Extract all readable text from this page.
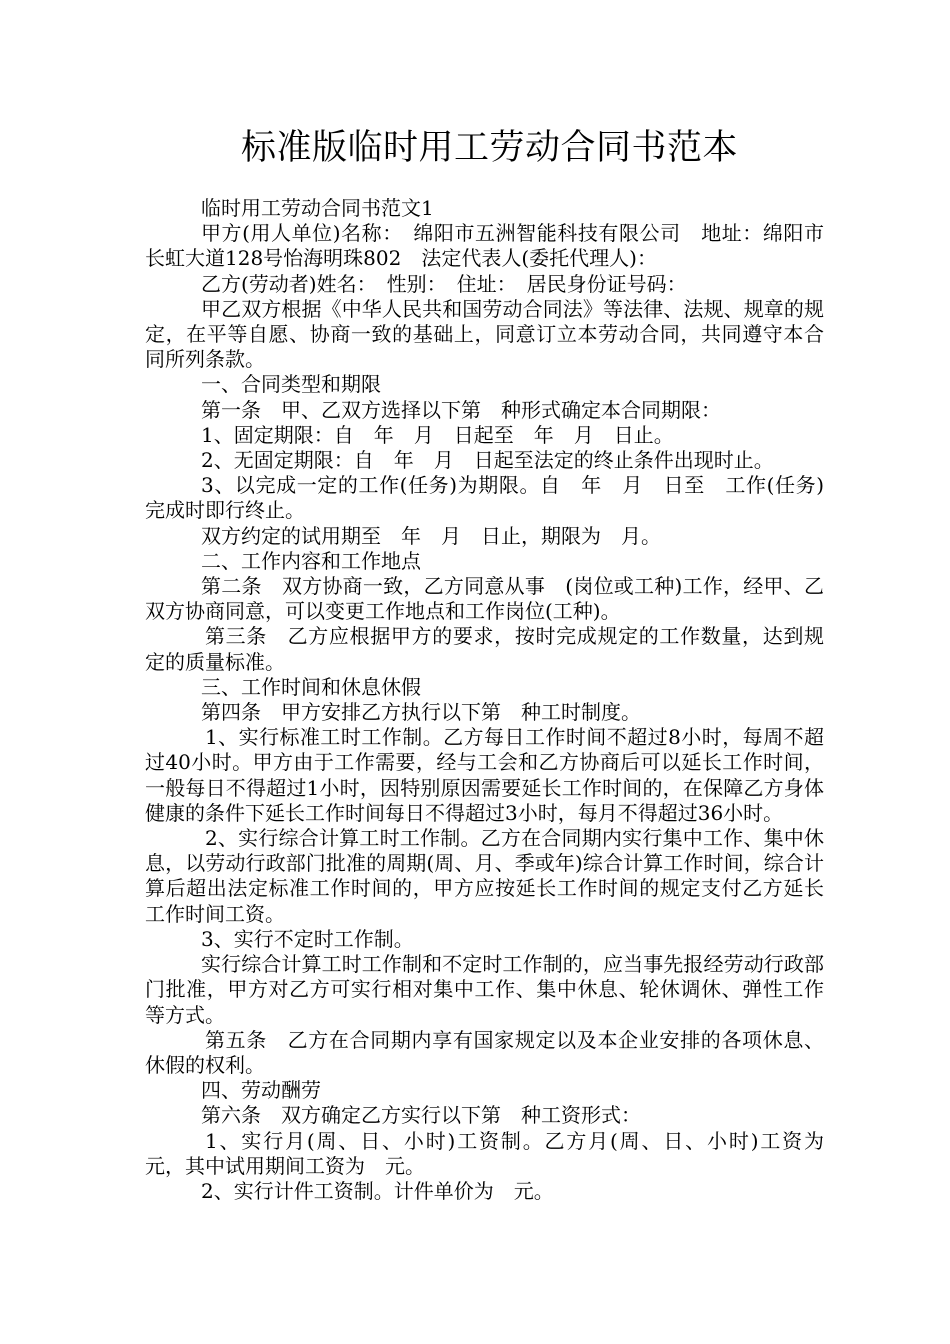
标准版临时用工劳动合同书范本

临时用工劳动合同书范文1

甲方(用人单位)名称：　绵阳市五洲智能科技有限公司　地址：绵阳市长虹大道128号怡海明珠802　法定代表人(委托代理人)：

乙方(劳动者)姓名：　性别：　住址：　居民身份证号码：

甲乙双方根据《中华人民共和国劳动合同法》等法律、法规、规章的规定，在平等自愿、协商一致的基础上，同意订立本劳动合同，共同遵守本合同所列条款。

一、合同类型和期限

第一条　甲、乙双方选择以下第　种形式确定本合同期限：

1、固定期限：自　年　月　日起至　年　月　日止。

2、无固定期限：自　年　月　日起至法定的终止条件出现时止。

3、以完成一定的工作(任务)为期限。自　年　月　日至　工作(任务)完成时即行终止。

双方约定的试用期至　年　月　日止，期限为　月。

二、工作内容和工作地点

第二条　双方协商一致，乙方同意从事　(岗位或工种)工作，经甲、乙双方协商同意，可以变更工作地点和工作岗位(工种)。

第三条　乙方应根据甲方的要求，按时完成规定的工作数量，达到规定的质量标准。

三、工作时间和休息休假

第四条　甲方安排乙方执行以下第　种工时制度。

1、实行标准工时工作制。乙方每日工作时间不超过8小时，每周不超过40小时。甲方由于工作需要，经与工会和乙方协商后可以延长工作时间，一般每日不得超过1小时，因特别原因需要延长工作时间的，在保障乙方身体健康的条件下延长工作时间每日不得超过3小时，每月不得超过36小时。

2、实行综合计算工时工作制。乙方在合同期内实行集中工作、集中休息，以劳动行政部门批准的周期(周、月、季或年)综合计算工作时间，综合计算后超出法定标准工作时间的，甲方应按延长工作时间的规定支付乙方延长工作时间工资。

3、实行不定时工作制。

实行综合计算工时工作制和不定时工作制的，应当事先报经劳动行政部门批准，甲方对乙方可实行相对集中工作、集中休息、轮休调休、弹性工作等方式。

第五条　乙方在合同期内享有国家规定以及本企业安排的各项休息、休假的权利。

四、劳动酬劳

第六条　双方确定乙方实行以下第　种工资形式：

1、实行月(周、日、小时)工资制。乙方月(周、日、小时)工资为　元，其中试用期间工资为　元。

2、实行计件工资制。计件单价为　元。
